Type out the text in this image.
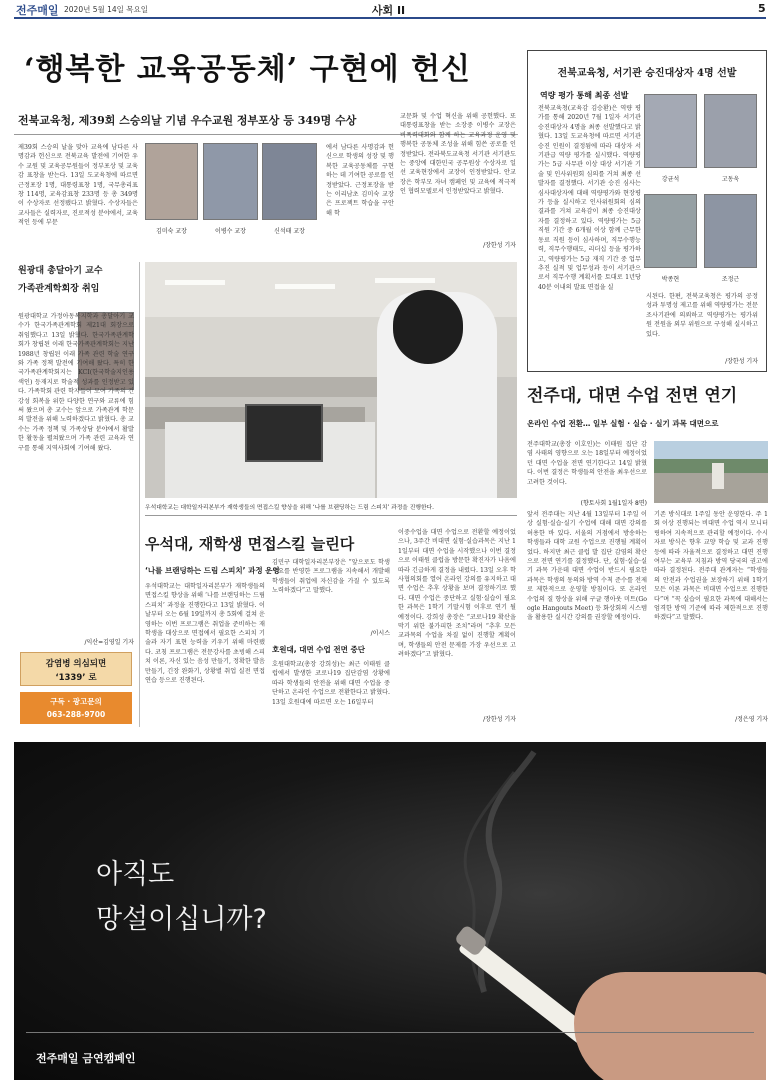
전주매일 2020년 5월 14일 목요일	사회 II	5
‘행복한 교육공동체’ 구현에 헌신
전북교육청, 제39회 스승의날 기념 우수교원 정부포상 등 349명 수상
제39회 스승의 날을 맞아 교육에 남다른 사명감과 헌신으로 전북교육 발전에 기여한 우수 교원 및 교육공무원들이 정부포상 및 교육감 표창을 받는다. 13일 도교육청에 따르면 근정포장 1명, 대통령표창 1명, 국무총리표창 114명, 교육감표창 233명 등 총 349명이 수상자로 선정됐다고 밝혔다. 수상자들은 교사들은 실력자로, 진로적성 분야에서, 교육적인 등에 부문
김미숙 교장	이병수 교장	신석태 교장
에서 남다른 사명감과 헌신으로 학생의 성장 및 행복한 교육공동체를 구현하는 데 기여한 공로를 인정받았다. 근정포장을 받는 이리남초 김미숙 교장은 프로젝트 학습을 구안해 학
교문화 및 수업 혁신을 위해 공헌했다. 또 대통령표창을 받는 소장중 이병수 교장은 비폭력대화와 함께 하는 교육과정 운영 및 행복한 공동체 조성을 위해 힘쓴 공로를 인정받았다. 전라북도교육청 서기관 서기관도는 중앙에 대한민국 공무원상 수상자로 일선 교육현장에서 교장이 인정받았다. 안교장은 학부모 자녀 캠페인 및 교육에 적극적인 협력모델로서 인정받았다고 밝혔다.
/장한성 기자
전북교육청, 서기관 승진대상자 4명 선발
역량 평가 통해 최종 선발
전북교육청(교육감 김승환)은 역량 평가를 통해 2020년 7월 1일자 서기관 승진대상자 4명을 최종 선발했다고 밝혔다. 13일 도교육청에 따르면 서기관 승진 인원이 결정됨에 따라 대상자 서기관급 역량 평가를 실시했다. 역량평가는 5급 사무관 이상 대상 서기관 기술 및 인사위원회 심의를 거쳐 최종 선발자를 결정했다. 서기관 승진 심사는 심사대상자에 대해 역량평가와 현장평가 등을 실시하고 인사위원회의 심의 결과를 거쳐 교육감이 최종 승진대상자를 결정하고 있다. 역량평가는 5급 직원 기간 중 6개월 이상 함께 근무한 동료 직원 등이 심사하며, 직무수행능력, 직무수행태도, 리더십 등을 평가하고, 역량평가는 5급 재직 기간 중 업무 추진 실적 및 업무성과 등이 서기관으로서 직무수행 계획서를 토대로 1년당 40분 이내의 발표 면접을 실
강균석	고동욱
박종현	조정근
시된다. 한편, 전북교육청은 평가의 공정성과 투명성 제고를 위해 역량평가는 전문 조사기관에 의뢰하고 역량평가는 평가위원 전원을 외부 위원으로 구성해 실시하고 있다.
/장한성 기자
원광대 총달아기 교수
가족관계학회장 취임
원광대학교 가정아동복지학과 총달아기 교수가 한국가족관계학회 제21대 회장으로 취임했다고 13일 밝혔다. 한국가족관계학회가 창립된 이래 한국가족관계학회는 지난 1988년 창립된 이래 가족 관련 학술 연구와 가족 정책 발전에 기여해 왔다. 특히 한국가족관계학회지는 KCI(한국학술지인용색인) 등재지로 학술적 성과를 인정받고 있다. 가족학회 관련 학자들이 모여 가족의 건강성 회복을 위한 다양한 연구와 교류에 힘써 왔으며 총 교수는 앞으로 가족관계 학문의 발전을 위해 노력하겠다고 밝혔다. 총 교수는 가족 정책 및 가족상담 분야에서 활발한 활동을 펼쳐왔으며 가족 관련 교육과 연구를 통해 지역사회에 기여해 왔다.
/익산=김영일 기자
감염병 의심되면
‘1339’ 로
구독 · 광고문의
063-288-9700
우석대학교는 대학일자리본부가 재학생들의 면접스킬 향상을 위해 ‘나를 브랜딩하는 드림 스피치’ 과정을 진행한다.
우석대, 재학생 면접스킬 늘린다
‘나를 브랜딩하는 드림 스피치’ 과정 운영
우석대학교는 대학일자리본부가 재학생들의 면접스킬 향상을 위해 ‘나를 브랜딩하는 드림 스피치’ 과정을 진행한다고 13일 밝혔다. 이날부터 오는 6월 19일까지 총 5회에 걸쳐 운영하는 이번 프로그램은 취업을 준비하는 재학생을 대상으로 면접에서 필요한 스피치 기술과 자기 표현 능력을 키우기 위해 마련됐다. 코칭 프로그램은 전문강사를 초빙해 스피치 이론, 자신 있는 음성 만들기, 정확한 발음 만들기, 긴장 완화기, 상황별 취업 실전 면접 연습 등으로 진행된다.
김민구 대학일자리본부장은 “앞으로도 학생 수요를 반영한 프로그램을 지속해서 개발해 학생들이 취업에 자신감을 가질 수 있도록 노력하겠다”고 말했다.
/이시스
호원대, 대면 수업 전면 중단
호원대학교(총장 강희성)는 최근 이태원 클럽에서 발생한 코로나19 집단감염 상황에 따라 학생들의 안전을 위해 대면 수업을 중단하고 온라인 수업으로 전환한다고 밝혔다. 13일 호원대에 따르면 오는 16일부터
이중수업을 대면 수업으로 전환할 예정이었으나, 3주간 비대면 실험·실습과목은 지난 11일부터 대면 수업을 시작했으나 이번 결정으로 이태원 클럽을 방문한 확진자가 나옴에 따라 긴급하게 결정을 내렸다. 13일 오후 학사협의회를 열어 온라인 강의를 유지하고 대면 수업은 추후 상황을 보며 결정하기로 했다. 대면 수업은 중단하고 실험·실습이 필요한 과목은 1학기 기말시험 이후로 연기 될 예정이다. 강희성 총장은 “코로나19 확산을 막기 위한 불가피한 조치”라며 “추후 모든 교과목의 수업을 차질 없이 진행할 계획이며, 학생들의 안전 문제를 가장 우선으로 고려하겠다”고 밝혔다.
/장한성 기자
전주대, 대면 수업 전면 연기
온라인 수업 전환… 일부 실험 · 실습 · 실기 과목 대면으로
전주대학교(총장 이호인)는 이태원 집단 감염 사태의 영향으로 오는 18일부터 예정이었던 대면 수업을 전면 연기한다고 14일 밝혔다. 이번 결정은 학생들의 안전을 최우선으로 고려한 것이다.
(향토사회 1월1일자 8면)
앞서 전주대는 지난 4월 13일부터 1주일 이상 실험·실습·실기 수업에 대해 대면 강의를 허용한 바 있다. 서울의 거점에서 방송하는 학생들과 대학 교원 수업으로 진행될 계획이었다. 하지만 최근 클럽 발 집단 감염의 확산으로 전면 연기를 결정했다. 단, 실험·실습·실기 과목 가운데 대면 수업이 반드시 필요한 과목은 학생의 동의와 방역 수칙 준수를 전제로 제한적으로 운영할 방침이다. 또 온라인 수업의 질 향상을 위해 구글 행아웃 미트(Google Hangouts Meet) 등 화상회의 시스템을 활용한 실시간 강의를 권장할 예정이다.
기존 방식대로 1주일 동안 운영한다. 주 1회 이상 진행되는 비대면 수업 역시 모니터링하여 지속적으로 관리할 예정이다. 수시자료 방식은 향후 교양 학습 및 교과 진행 등에 따라 자율적으로 결정하고 대면 진행 여부는 교육부 지침과 방역 당국의 권고에 따라 결정된다. 전주대 관계자는 “학생들의 안전과 수업권을 보장하기 위해 1학기 모든 이론 과목은 비대면 수업으로 진행한다”며 “꼭 실습이 필요한 과목에 대해서는 엄격한 방역 기준에 따라 제한적으로 진행하겠다”고 말했다.
/정은영 기자
아직도
망설이십니까?
전주매일 금연캠페인
